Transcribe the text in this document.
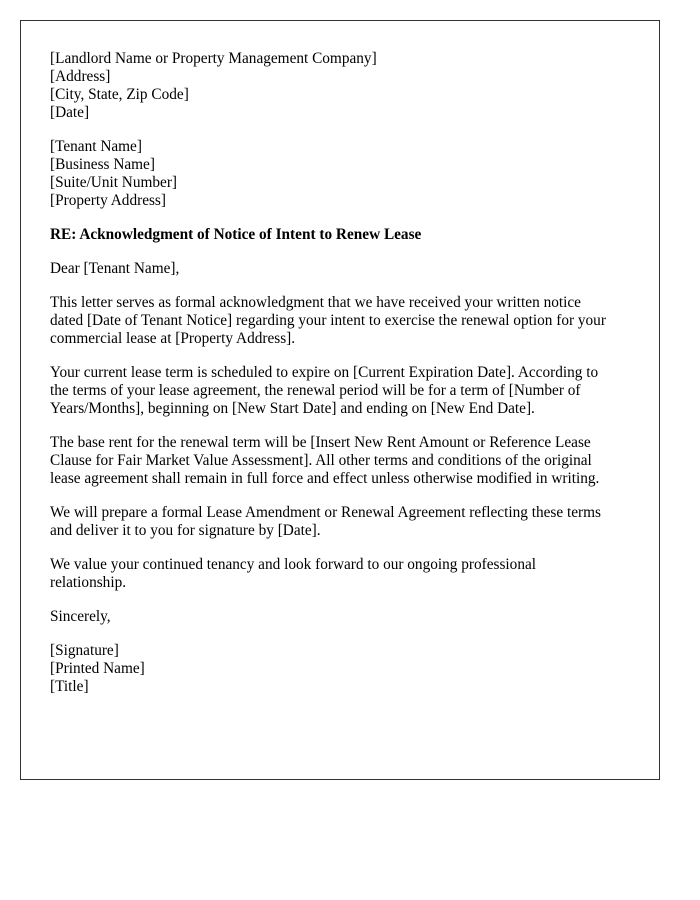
[Landlord Name or Property Management Company]
[Address]
[City, State, Zip Code]
[Date]
[Tenant Name]
[Business Name]
[Suite/Unit Number]
[Property Address]
RE: Acknowledgment of Notice of Intent to Renew Lease

Dear [Tenant Name],

This letter serves as formal acknowledgment that we have received your written notice
dated [Date of Tenant Notice] regarding your intent to exercise the renewal option for your
commercial lease at [Property Address].

Your current lease term is scheduled to expire on [Current Expiration Date]. According to
the terms of your lease agreement, the renewal period will be for a term of [Number of
Years/Months], beginning on [New Start Date] and ending on [New End Date].

The base rent for the renewal term will be [Insert New Rent Amount or Reference Lease
Clause for Fair Market Value Assessment]. All other terms and conditions of the original
lease agreement shall remain in full force and effect unless otherwise modified in writing.

We will prepare a formal Lease Amendment or Renewal Agreement reflecting these terms
and deliver it to you for signature by [Date].

We value your continued tenancy and look forward to our ongoing professional
relationship.

Sincerely,

[Signature]
[Printed Name]
[Title]
